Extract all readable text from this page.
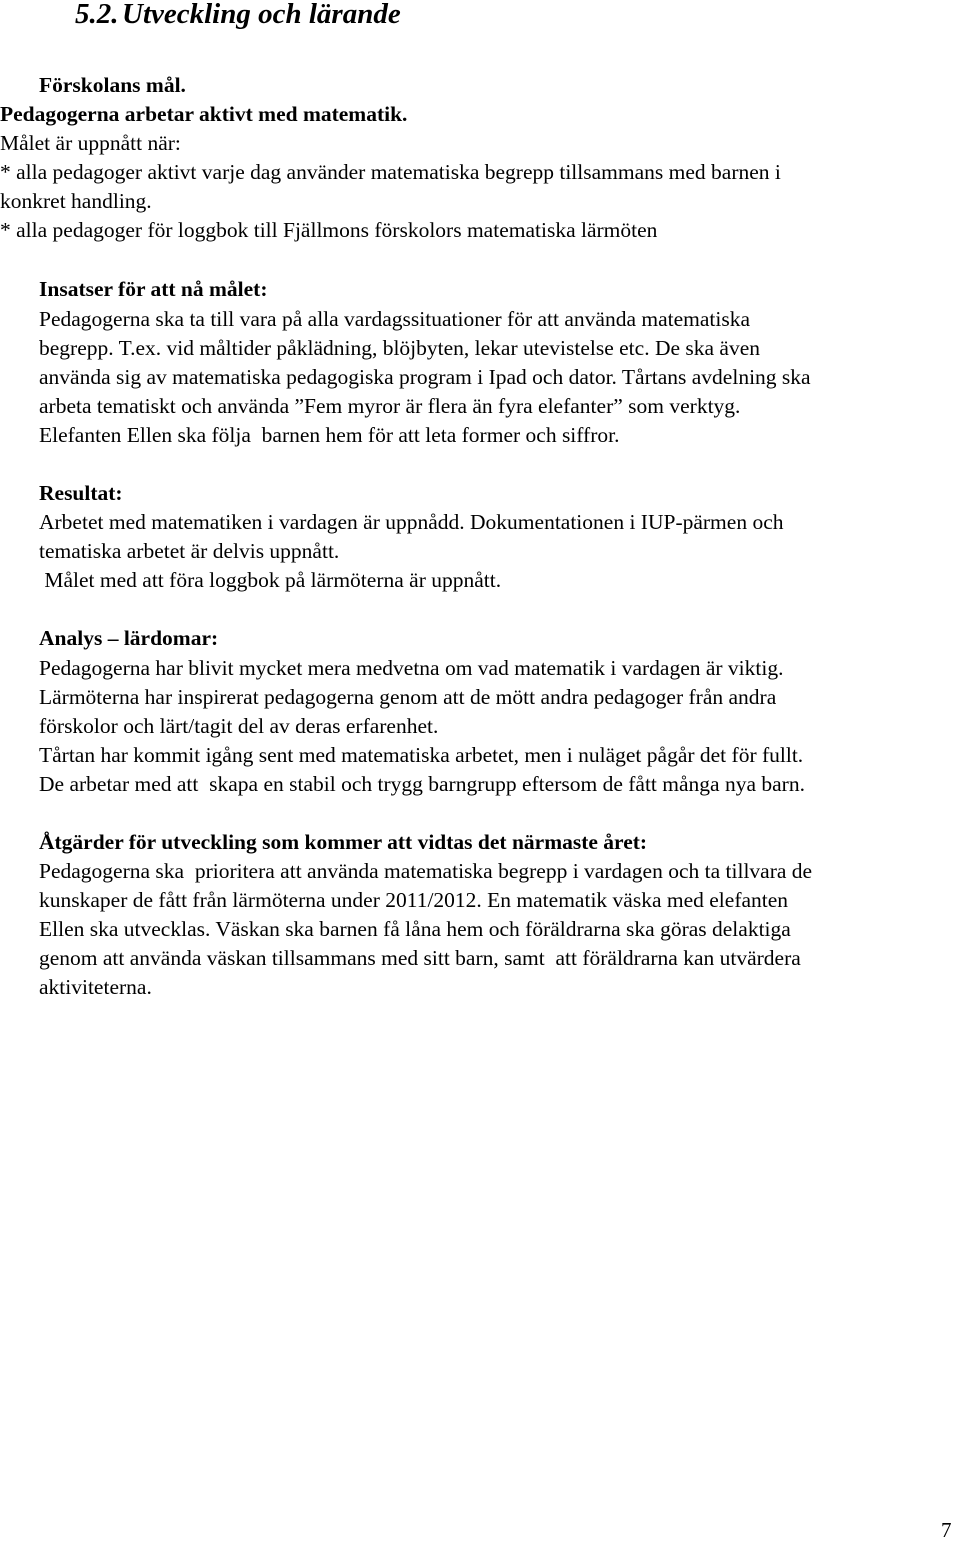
5.2. Utveckling och lärande
Förskolans mål.
Pedagogerna arbetar aktivt med matematik.
Målet är uppnått när:
* alla pedagoger aktivt varje dag använder matematiska begrepp tillsammans med barnen i
konkret handling.
* alla pedagoger för loggbok till Fjällmons förskolors matematiska lärmöten
Insatser för att nå målet:
Pedagogerna ska ta till vara på alla vardagssituationer för att använda matematiska
begrepp. T.ex. vid måltider påklädning, blöjbyten, lekar utevistelse etc. De ska även
använda sig av matematiska pedagogiska program i Ipad och dator. Tårtans avdelning ska
arbeta tematiskt och använda ”Fem myror är flera än fyra elefanter” som verktyg.
Elefanten Ellen ska följa  barnen hem för att leta former och siffror.
Resultat:
Arbetet med matematiken i vardagen är uppnådd. Dokumentationen i IUP-pärmen och
tematiska arbetet är delvis uppnått.
Målet med att föra loggbok på lärmöterna är uppnått.
Analys – lärdomar:
Pedagogerna har blivit mycket mera medvetna om vad matematik i vardagen är viktig.
Lärmöterna har inspirerat pedagogerna genom att de mött andra pedagoger från andra
förskolor och lärt/tagit del av deras erfarenhet.
Tårtan har kommit igång sent med matematiska arbetet, men i nuläget pågår det för fullt.
De arbetar med att  skapa en stabil och trygg barngrupp eftersom de fått många nya barn.
Åtgärder för utveckling som kommer att vidtas det närmaste året:
Pedagogerna ska  prioritera att använda matematiska begrepp i vardagen och ta tillvara de
kunskaper de fått från lärmöterna under 2011/2012. En matematik väska med elefanten
Ellen ska utvecklas. Väskan ska barnen få låna hem och föräldrarna ska göras delaktiga
genom att använda väskan tillsammans med sitt barn, samt  att föräldrarna kan utvärdera
aktiviteterna.
7
